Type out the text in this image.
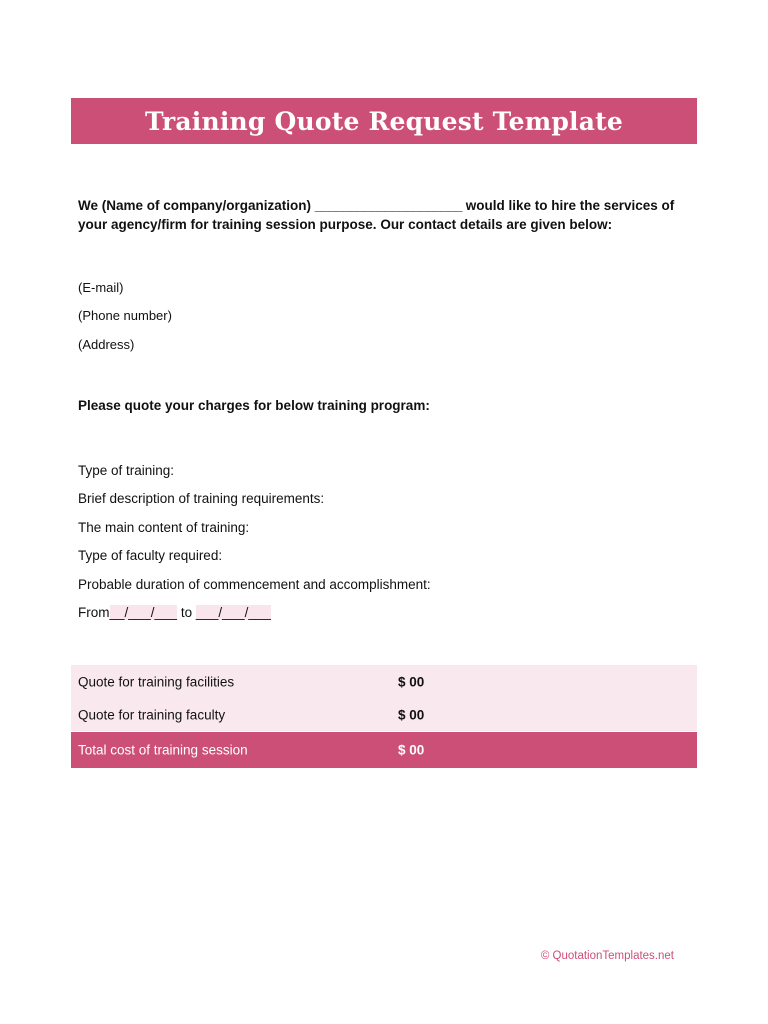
Training Quote Request Template
We (Name of company/organization) _____________________ would like to hire the services of your agency/firm for training session purpose. Our contact details are given below:
(E-mail)
(Phone number)
(Address)
Please quote your charges for below training program:
Type of training:
Brief description of training requirements:
The main content of training:
Type of faculty required:
Probable duration of commencement and accomplishment:
From__/___/___ to ___/___/___
Quote for training facilities	$ 00
Quote for training faculty	$ 00
Total cost of training session	$ 00
© QuotationTemplates.net
